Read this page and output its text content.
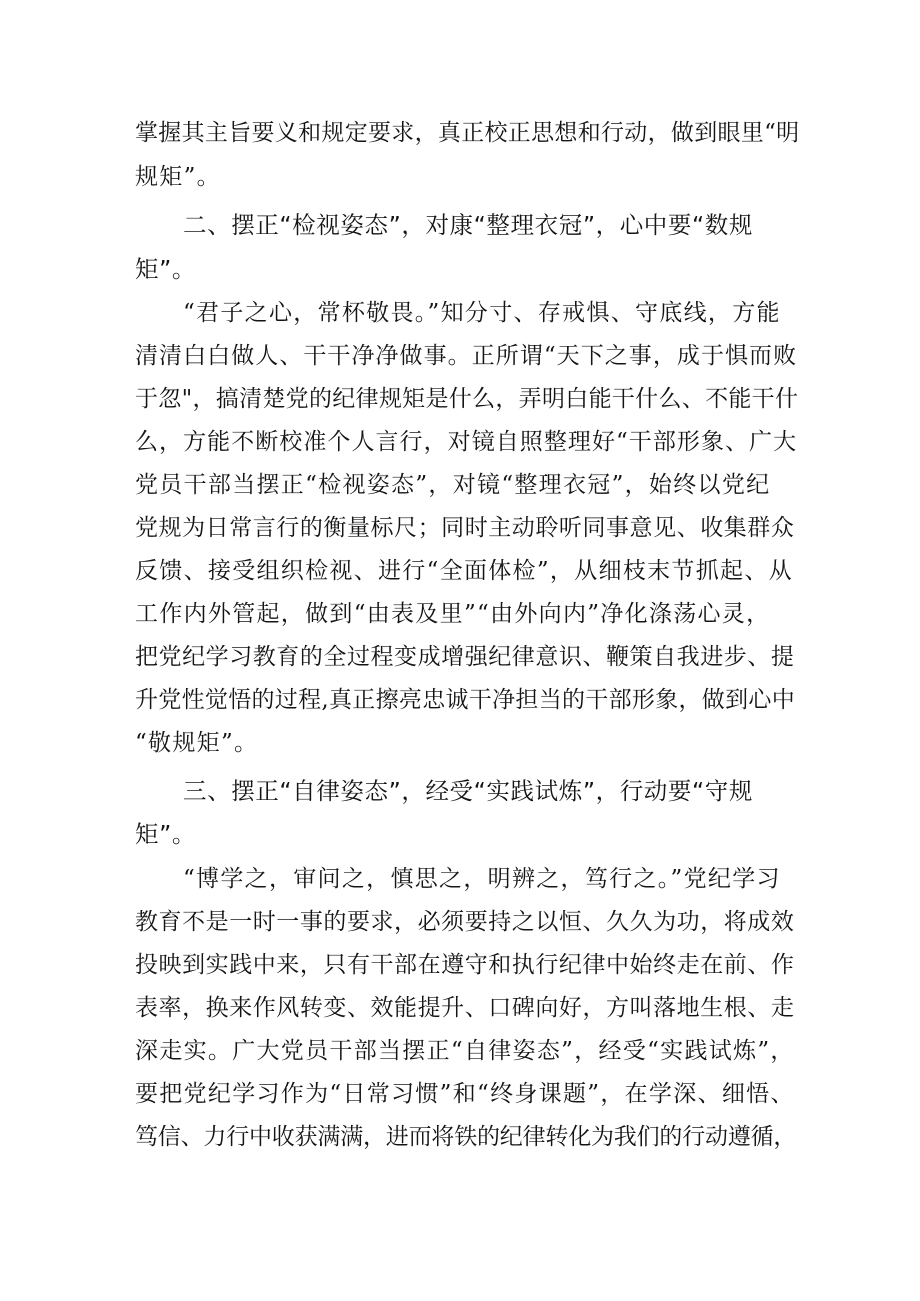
掌握其主旨要义和规定要求，真正校正思想和行动，做到眼里“明

规矩”。

二、摆正“检视姿态”，对康“整理衣冠”，心中要“数规

矩”。

“君子之心，常杯敬畏。”知分寸、存戒惧、守底线，方能

清清白白做人、干干净净做事。正所谓“天下之事，成于惧而败

于忽"，搞清楚党的纪律规矩是什么，弄明白能干什么、不能干什

么，方能不断校准个人言行，对镜自照整理好“干部形象、广大

党员干部当摆正“检视姿态”，对镜“整理衣冠”，始终以党纪

党规为日常言行的衡量标尺；同时主动聆听同事意见、收集群众

反馈、接受组织检视、进行“全面体检”，从细枝末节抓起、从

工作内外管起，做到“由表及里”“由外向内”净化涤荡心灵，

把党纪学习教育的全过程变成增强纪律意识、鞭策自我进步、提

升党性觉悟的过程,真正擦亮忠诚干净担当的干部形象，做到心中

“敬规矩”。

三、摆正“自律姿态”，经受“实践试炼”，行动要“守规

矩”。

“博学之，审问之，慎思之，明辨之，笃行之。”党纪学习

教育不是一时一事的要求，必须要持之以恒、久久为功，将成效

投映到实践中来，只有干部在遵守和执行纪律中始终走在前、作

表率，换来作风转变、效能提升、口碑向好，方叫落地生根、走

深走实。广大党员干部当摆正“自律姿态”，经受“实践试炼”，

要把党纪学习作为“日常习惯”和“终身课题”，在学深、细悟、

笃信、力行中收获满满，进而将铁的纪律转化为我们的行动遵循，
